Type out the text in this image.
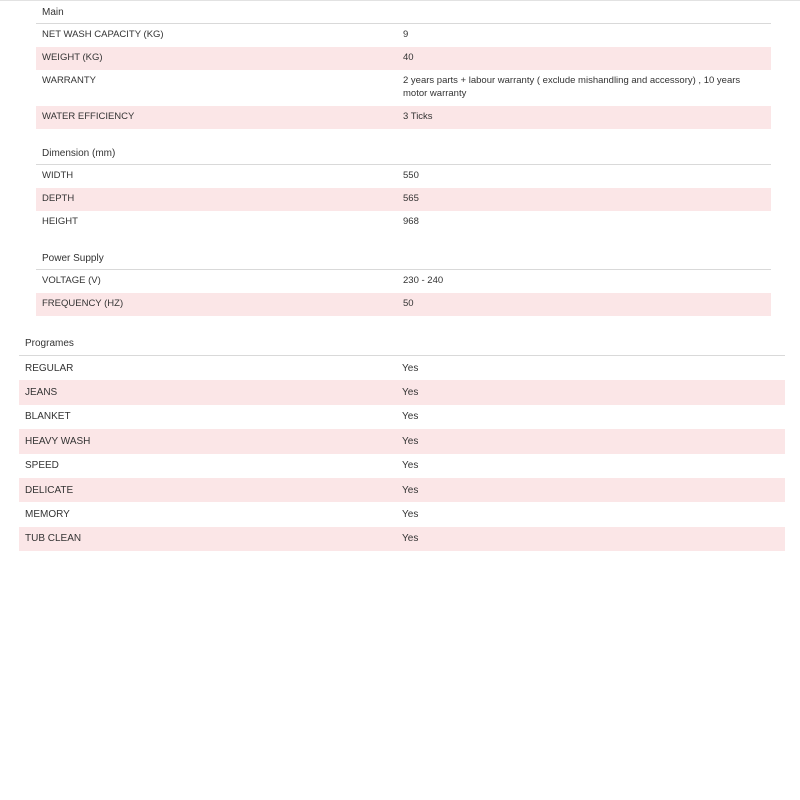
Main
NET WASH CAPACITY (KG)	9
WEIGHT (KG)	40
WARRANTY	2 years parts + labour warranty ( exclude mishandling and accessory) , 10 years motor warranty
WATER EFFICIENCY	3 Ticks
Dimension (mm)
WIDTH	550
DEPTH	565
HEIGHT	968
Power Supply
VOLTAGE (V)	230 - 240
FREQUENCY (HZ)	50
Programes
REGULAR	Yes
JEANS	Yes
BLANKET	Yes
HEAVY WASH	Yes
SPEED	Yes
DELICATE	Yes
MEMORY	Yes
TUB CLEAN	Yes
